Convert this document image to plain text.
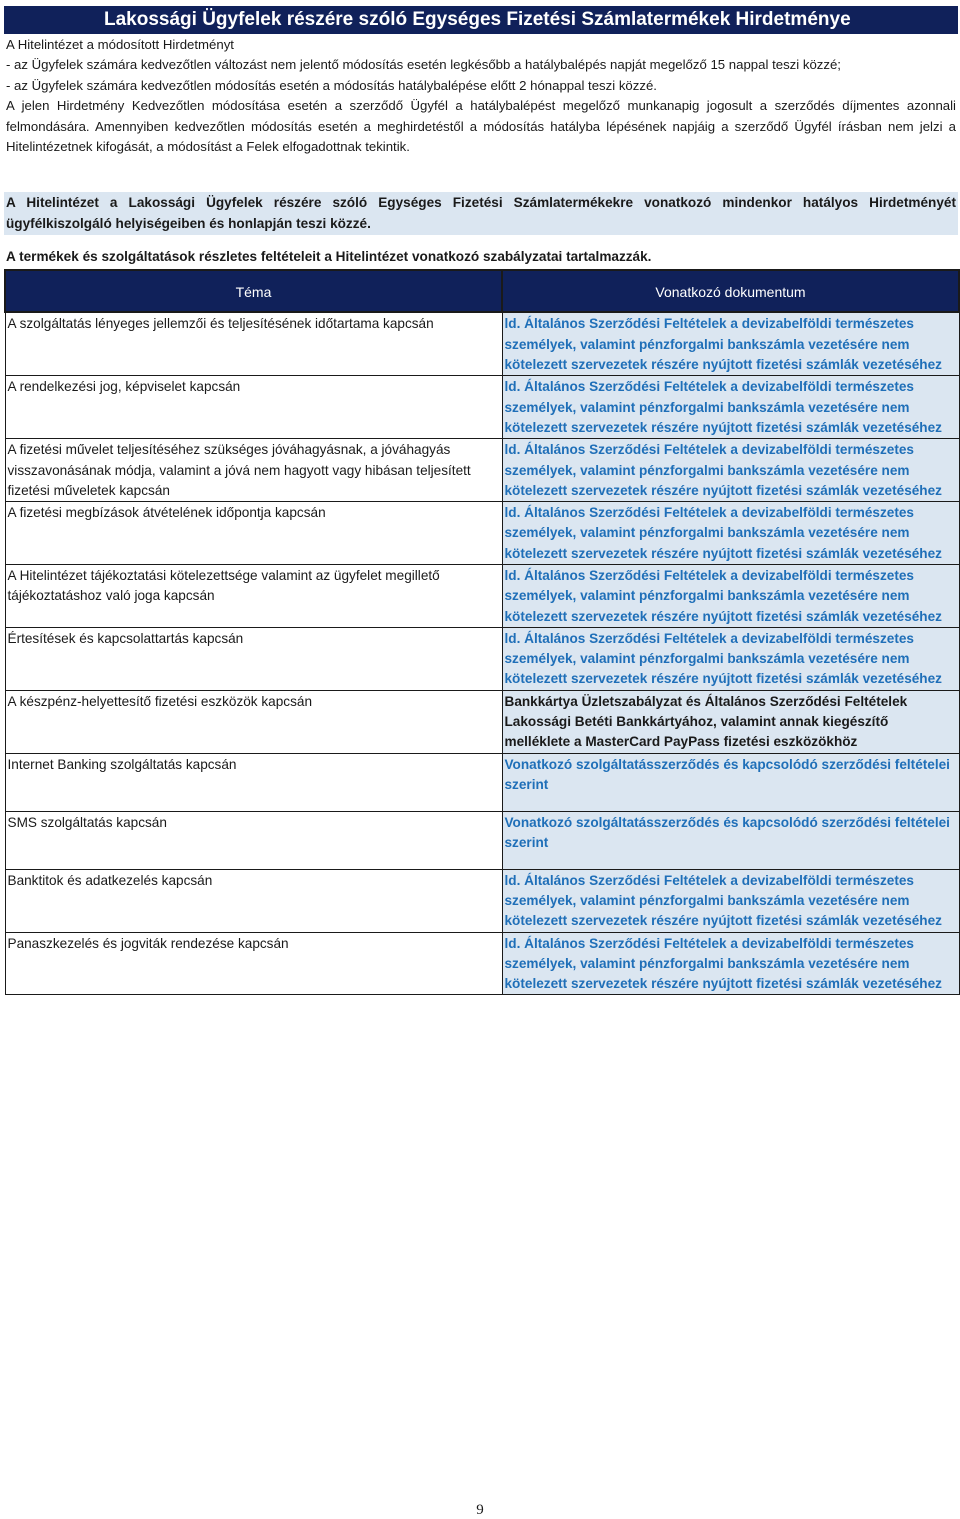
Lakossági Ügyfelek részére szóló Egységes Fizetési Számlatermékek Hirdetménye

A Hitelintézet a módosított Hirdetményt

- az Ügyfelek számára kedvezőtlen változást nem jelentő módosítás esetén legkésőbb a hatálybalépés napját megelőző 15 nappal teszi közzé;

- az Ügyfelek számára kedvezőtlen módosítás esetén a módosítás hatálybalépése előtt 2 hónappal teszi közzé.

A jelen Hirdetmény Kedvezőtlen módosítása esetén a szerződő Ügyfél a hatálybalépést megelőző munkanapig jogosult a szerződés díjmentes azonnali felmondására. Amennyiben kedvezőtlen módosítás esetén a meghirdetéstől a módosítás hatályba lépésének napjáig a szerződő Ügyfél írásban nem jelzi a Hitelintézetnek kifogását, a módosítást a Felek elfogadottnak tekintik.

A Hitelintézet a Lakossági Ügyfelek részére szóló Egységes Fizetési Számlatermékekre vonatkozó mindenkor hatályos Hirdetményét ügyfélkiszolgáló helyiségeiben és honlapján teszi közzé.
A termékek és szolgáltatások részletes feltételeit a Hitelintézet vonatkozó szabályzatai tartalmazzák.
Téma	Vonatkozó dokumentum
A szolgáltatás lényeges jellemzői és teljesítésének időtartama kapcsán	ld. Általános Szerződési Feltételek a devizabelföldi természetes személyek, valamint pénzforgalmi bankszámla vezetésére nem kötelezett szervezetek részére nyújtott fizetési számlák vezetéséhez
A rendelkezési jog, képviselet kapcsán	ld. Általános Szerződési Feltételek a devizabelföldi természetes személyek, valamint pénzforgalmi bankszámla vezetésére nem kötelezett szervezetek részére nyújtott fizetési számlák vezetéséhez
A fizetési művelet teljesítéséhez szükséges jóváhagyásnak, a jóváhagyás visszavonásának módja, valamint a jóvá nem hagyott vagy hibásan teljesített fizetési műveletek kapcsán	ld. Általános Szerződési Feltételek a devizabelföldi természetes személyek, valamint pénzforgalmi bankszámla vezetésére nem kötelezett szervezetek részére nyújtott fizetési számlák vezetéséhez
A fizetési megbízások átvételének időpontja kapcsán	ld. Általános Szerződési Feltételek a devizabelföldi természetes személyek, valamint pénzforgalmi bankszámla vezetésére nem kötelezett szervezetek részére nyújtott fizetési számlák vezetéséhez
A Hitelintézet tájékoztatási kötelezettsége valamint az ügyfelet megillető tájékoztatáshoz való joga kapcsán	ld. Általános Szerződési Feltételek a devizabelföldi természetes személyek, valamint pénzforgalmi bankszámla vezetésére nem kötelezett szervezetek részére nyújtott fizetési számlák vezetéséhez
Értesítések és kapcsolattartás kapcsán	ld. Általános Szerződési Feltételek a devizabelföldi természetes személyek, valamint pénzforgalmi bankszámla vezetésére nem kötelezett szervezetek részére nyújtott fizetési számlák vezetéséhez
A készpénz-helyettesítő fizetési eszközök kapcsán	Bankkártya Üzletszabályzat és Általános Szerződési Feltételek Lakossági Betéti Bankkártyához, valamint annak kiegészítő melléklete a MasterCard PayPass fizetési eszközökhöz
Internet Banking szolgáltatás kapcsán	Vonatkozó szolgáltatásszerződés és kapcsolódó szerződési feltételei szerint
SMS szolgáltatás kapcsán	Vonatkozó szolgáltatásszerződés és kapcsolódó szerződési feltételei szerint
Banktitok és adatkezelés kapcsán	ld. Általános Szerződési Feltételek a devizabelföldi természetes személyek, valamint pénzforgalmi bankszámla vezetésére nem kötelezett szervezetek részére nyújtott fizetési számlák vezetéséhez
Panaszkezelés és jogviták rendezése kapcsán	ld. Általános Szerződési Feltételek a devizabelföldi természetes személyek, valamint pénzforgalmi bankszámla vezetésére nem kötelezett szervezetek részére nyújtott fizetési számlák vezetéséhez
9
